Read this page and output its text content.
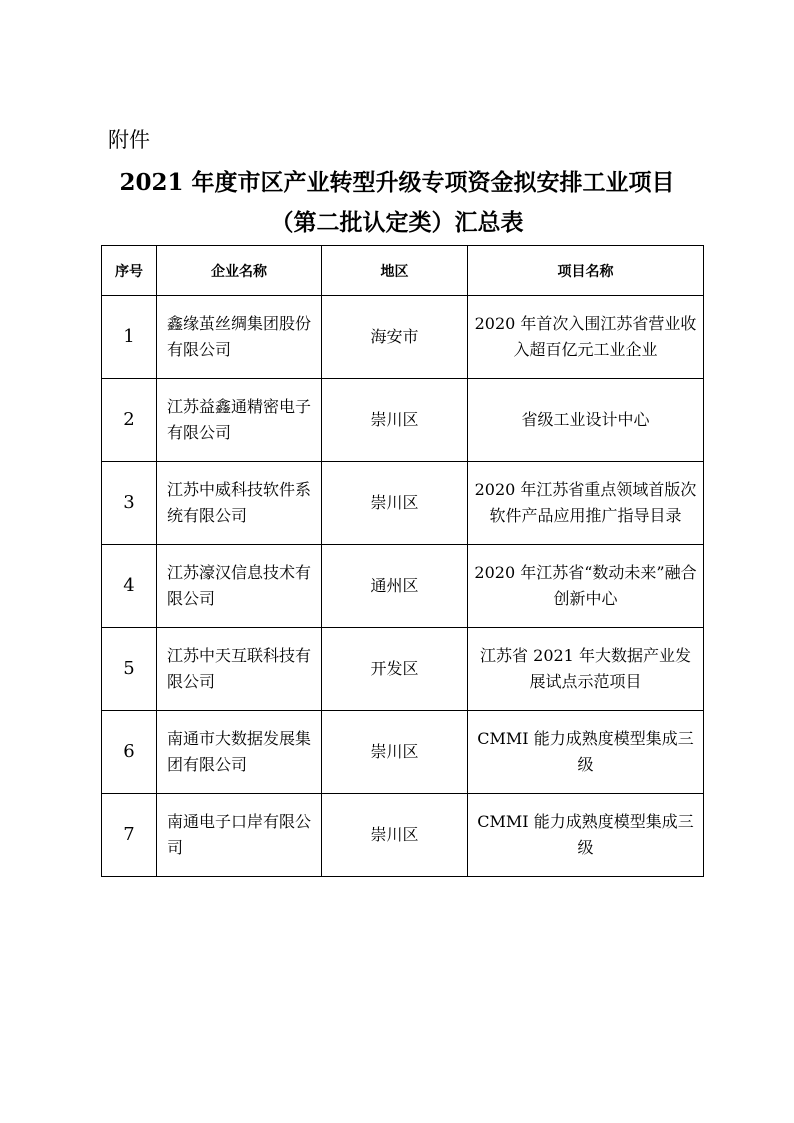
附件
2021 年度市区产业转型升级专项资金拟安排工业项目
（第二批认定类）汇总表
序号	企业名称	地区	项目名称
1	鑫缘茧丝绸集团股份有限公司	海安市	2020 年首次入围江苏省营业收入超百亿元工业企业
2	江苏益鑫通精密电子有限公司	崇川区	省级工业设计中心
3	江苏中威科技软件系统有限公司	崇川区	2020 年江苏省重点领域首版次软件产品应用推广指导目录
4	江苏濠汉信息技术有限公司	通州区	2020 年江苏省“数动未来”融合创新中心
5	江苏中天互联科技有限公司	开发区	江苏省 2021 年大数据产业发展试点示范项目
6	南通市大数据发展集团有限公司	崇川区	CMMI 能力成熟度模型集成三级
7	南通电子口岸有限公司	崇川区	CMMI 能力成熟度模型集成三级
